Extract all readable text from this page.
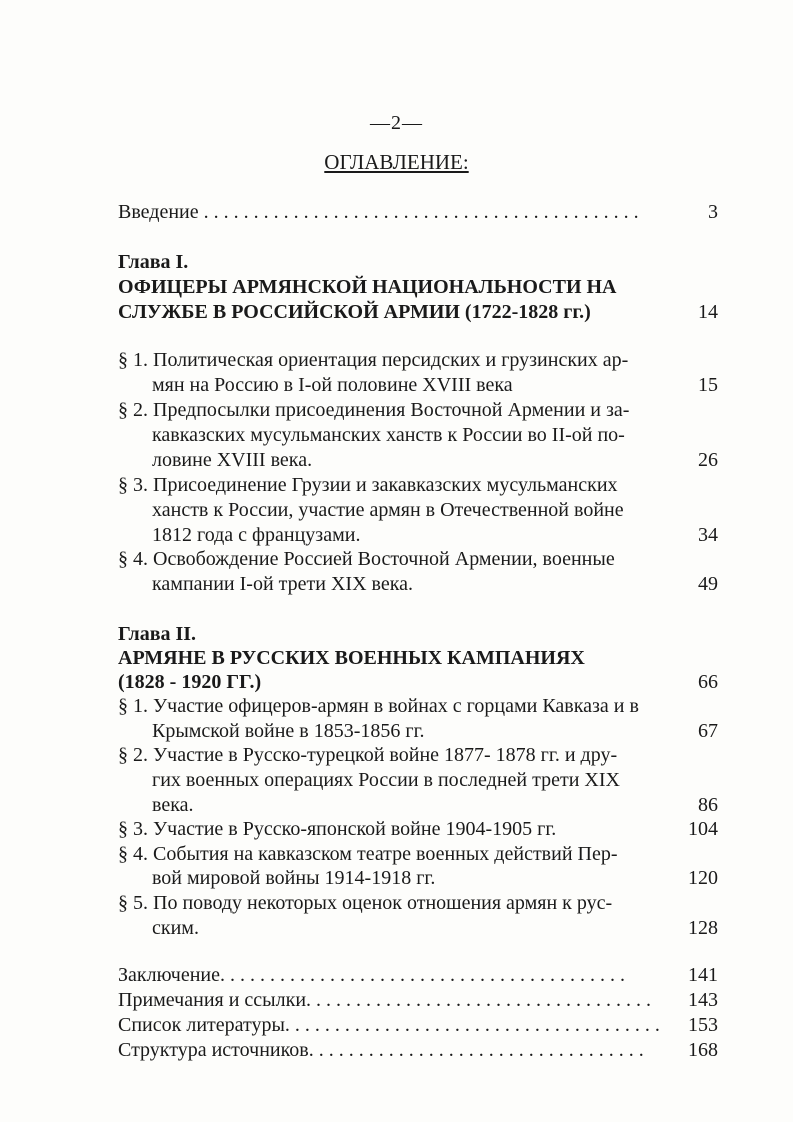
—2—
ОГЛАВЛЕНИЕ:
Введение . . . . . . . . . . . . . . . . . . . . . . . . . . . . . . . . . . . . . . . . . . . .	3
Глава I.
ОФИЦЕРЫ АРМЯНСКОЙ НАЦИОНАЛЬНОСТИ НА
СЛУЖБЕ В РОССИЙСКОЙ АРМИИ (1722-1828 гг.)	14
§ 1. Политическая ориентация персидских и грузинских ар-
мян на Россию в I-ой половине XVIII века	15
§ 2. Предпосылки присоединения Восточной Армении и за-
кавказских мусульманских ханств к России во II-ой по-
ловине XVIII века.	26
§ 3. Присоединение Грузии и закавказских мусульманских
ханств к России, участие армян в Отечественной войне
1812 года с французами.	34
§ 4. Освобождение Россией Восточной Армении, военные
кампании I-ой трети XIX века.	49
Глава II.
АРМЯНЕ В РУССКИХ ВОЕННЫХ КАМПАНИЯХ
(1828 - 1920 ГГ.)	66
§ 1. Участие офицеров-армян в войнах с горцами Кавказа и в
Крымской войне в 1853-1856 гг.	67
§ 2. Участие в Русско-турецкой войне 1877- 1878 гг. и дру-
гих военных операциях России в последней трети XIX
века.	86
§ 3. Участие в Русско-японской войне 1904-1905 гг.	104
§ 4. События на кавказском театре военных действий Пер-
вой мировой войны 1914-1918 гг.	120
§ 5. По поводу некоторых оценок отношения армян к рус-
ским.	128
Заключение. . . . . . . . . . . . . . . . . . . . . . . . . . . . . . . . . . . . . . . . .	141
Примечания и ссылки. . . . . . . . . . . . . . . . . . . . . . . . . . . . . . . . . . . 143
Список литературы. . . . . . . . . . . . . . . . . . . . . . . . . . . . . . . . . . . . . . 153
Структура источников. . . . . . . . . . . . . . . . . . . . . . . . . . . . . . . . . . 168
